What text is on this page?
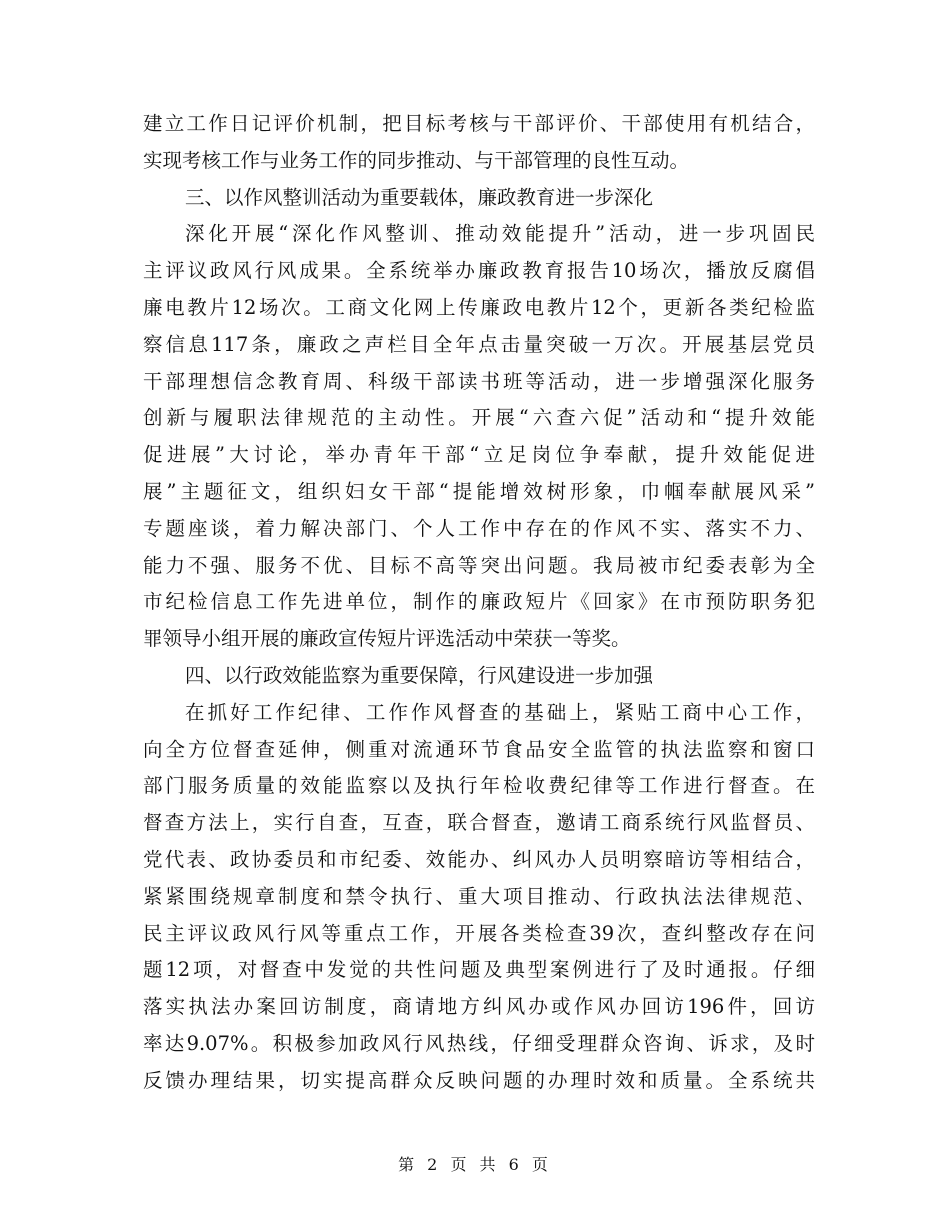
建立工作日记评价机制，把目标考核与干部评价、干部使用有机结合，
实现考核工作与业务工作的同步推动、与干部管理的良性互动。
三、以作风整训活动为重要载体，廉政教育进一步深化
深化开展“深化作风整训、推动效能提升”活动，进一步巩固民
主评议政风行风成果。全系统举办廉政教育报告10场次，播放反腐倡
廉电教片12场次。工商文化网上传廉政电教片12个，更新各类纪检监
察信息117条，廉政之声栏目全年点击量突破一万次。开展基层党员
干部理想信念教育周、科级干部读书班等活动，进一步增强深化服务
创新与履职法律规范的主动性。开展“六查六促”活动和“提升效能
促进展”大讨论，举办青年干部“立足岗位争奉献，提升效能促进
展”主题征文，组织妇女干部“提能增效树形象，巾帼奉献展风采”
专题座谈，着力解决部门、个人工作中存在的作风不实、落实不力、
能力不强、服务不优、目标不高等突出问题。我局被市纪委表彰为全
市纪检信息工作先进单位，制作的廉政短片《回家》在市预防职务犯
罪领导小组开展的廉政宣传短片评选活动中荣获一等奖。
四、以行政效能监察为重要保障，行风建设进一步加强
在抓好工作纪律、工作作风督查的基础上，紧贴工商中心工作，
向全方位督查延伸，侧重对流通环节食品安全监管的执法监察和窗口
部门服务质量的效能监察以及执行年检收费纪律等工作进行督查。在
督查方法上，实行自查，互查，联合督查，邀请工商系统行风监督员、
党代表、政协委员和市纪委、效能办、纠风办人员明察暗访等相结合，
紧紧围绕规章制度和禁令执行、重大项目推动、行政执法法律规范、
民主评议政风行风等重点工作，开展各类检查39次，查纠整改存在问
题12项，对督查中发觉的共性问题及典型案例进行了及时通报。仔细
落实执法办案回访制度，商请地方纠风办或作风办回访196件，回访
率达9.07%。积极参加政风行风热线，仔细受理群众咨询、诉求，及时
反馈办理结果，切实提高群众反映问题的办理时效和质量。全系统共
第 2 页 共 6 页
